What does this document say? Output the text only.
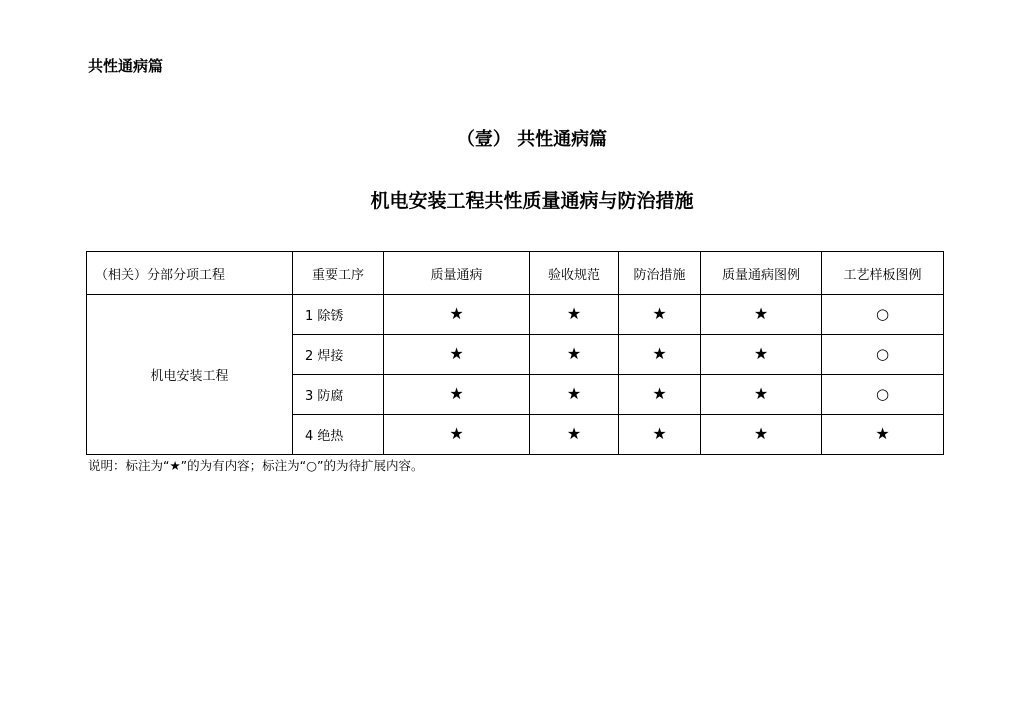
共性通病篇
（壹） 共性通病篇
机电安装工程共性质量通病与防治措施
（相关）分部分项工程	重要工序	质量通病	验收规范	防治措施	质量通病图例	工艺样板图例
机电安装工程	1 除锈	★	★	★	★	○
	2 焊接	★	★	★	★	○
	3 防腐	★	★	★	★	○
	4 绝热	★	★	★	★	★
说明：标注为“★”的为有内容；标注为“○”的为待扩展内容。
